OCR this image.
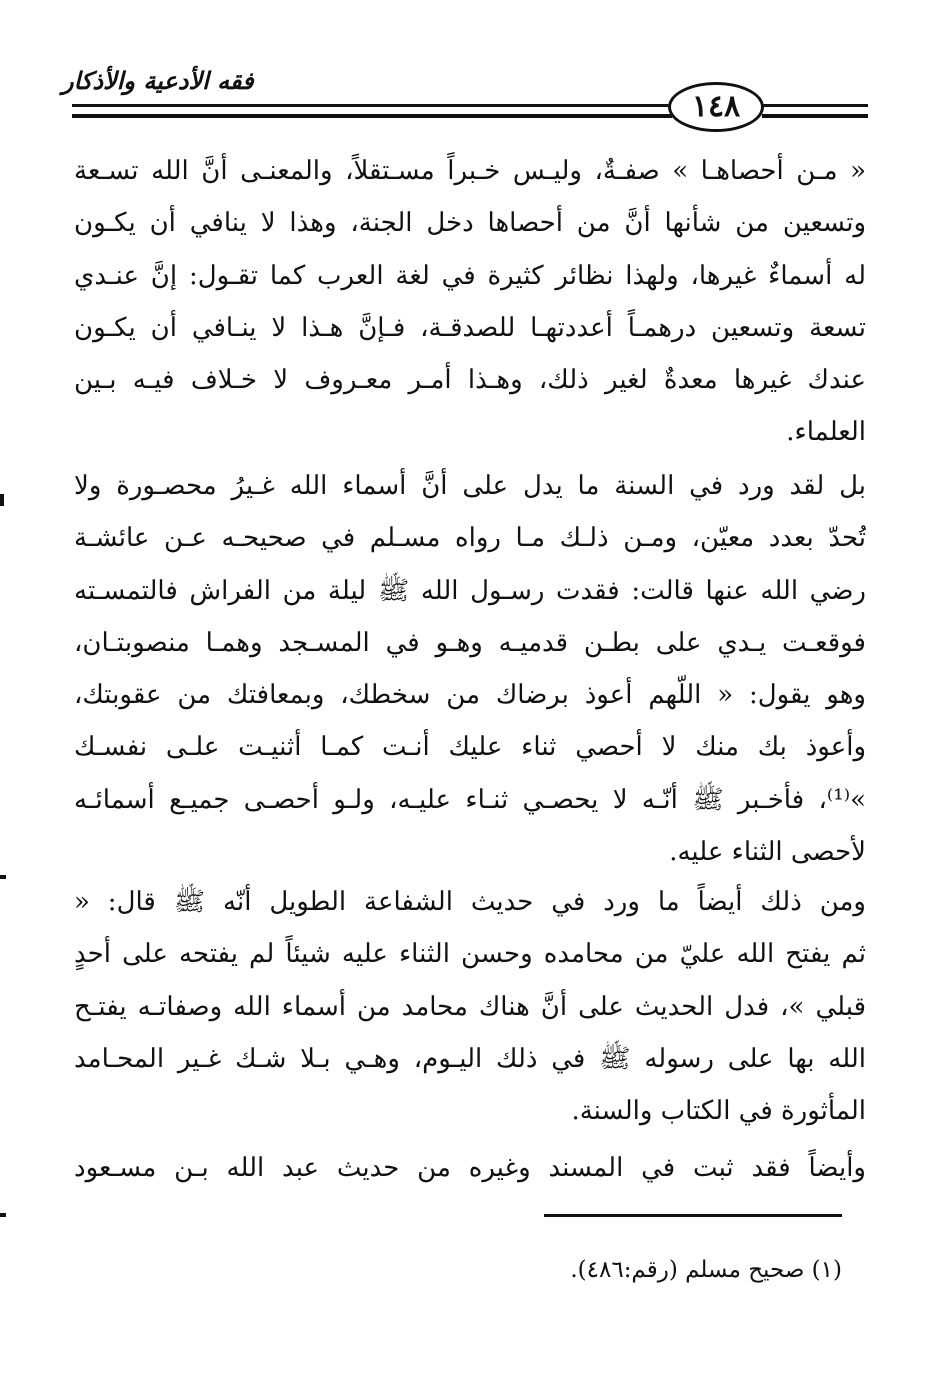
فقه الأدعية والأذكار
١٤٨
« مـن أحصاهـا » صفـةٌ، وليـس خـبراً مسـتقلاً، والمعنـى أنَّ الله تسـعة
وتسعين من شأنها أنَّ من أحصاها دخل الجنة، وهذا لا ينافي أن يكـون
له أسماءٌ غيرها، ولهذا نظائر كثيرة في لغة العرب كما تقـول: إنَّ عنـدي
تسعة وتسعين درهمـاً أعددتهـا للصدقـة، فـإنَّ هـذا لا ينـافي أن يكـون
عندك غيرها معدةٌ لغير ذلك، وهـذا أمـر معـروف لا خـلاف فيـه بـين
العلماء.
بل لقد ورد في السنة ما يدل على أنَّ أسماء الله غـيرُ محصـورة ولا
تُحدّ بعدد معيّن، ومـن ذلـك مـا رواه مسـلم في صحيحـه عـن عائشـة
رضي الله عنها قالت: فقدت رسـول الله ﷺ ليلة من الفراش فالتمسـته
فوقعـت يـدي على بطـن قدميـه وهـو في المسـجد وهمـا منصوبتـان،
وهو يقول: « اللّهم أعوذ برضاك من سخطك، وبمعافتك من عقوبتك،
وأعوذ بك منك لا أحصي ثناء عليك أنـت كمـا أثنيـت علـى نفسـك
»⁽¹⁾، فأخـبر ﷺ أنّـه لا يحصـي ثنـاء عليـه، ولـو أحصـى جميـع أسمائـه
لأحصى الثناء عليه.
ومن ذلك أيضاً ما ورد في حديث الشفاعة الطويل أنّه ﷺ قال: «
ثم يفتح الله عليّ من محامده وحسن الثناء عليه شيئاً لم يفتحه على أحدٍ
قبلي »، فدل الحديث على أنَّ هناك محامد من أسماء الله وصفاتـه يفتـح
الله بها على رسوله ﷺ في ذلك اليـوم، وهـي بـلا شـك غـير المحـامد
المأثورة في الكتاب والسنة.
وأيضاً فقد ثبت في المسند وغيره من حديث عبد الله بـن مسـعود
(١) صحيح مسلم (رقم:٤٨٦).
